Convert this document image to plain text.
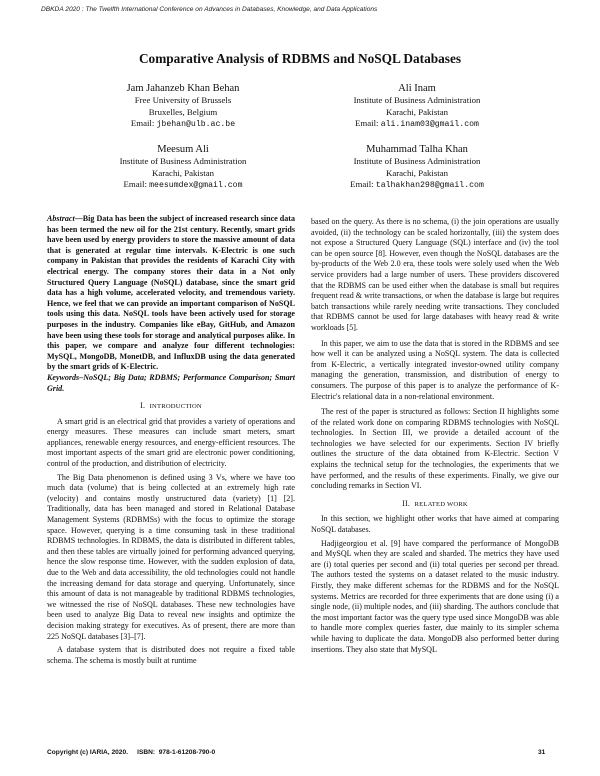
DBKDA 2020 : The Twelfth International Conference on Advances in Databases, Knowledge, and Data Applications
Comparative Analysis of RDBMS and NoSQL Databases
Jam Jahanzeb Khan Behan
Free University of Brussels
Bruxelles, Belgium
Email: jbehan@ulb.ac.be
Ali Inam
Institute of Business Administration
Karachi, Pakistan
Email: ali.inam03@gmail.com
Meesum Ali
Institute of Business Administration
Karachi, Pakistan
Email: meesumdex@gmail.com
Muhammad Talha Khan
Institute of Business Administration
Karachi, Pakistan
Email: talhakhan298@gmail.com

Abstract—Big Data has been the subject of increased research since data has been termed the new oil for the 21st century. Recently, smart grids have been used by energy providers to store the massive amount of data that is generated at regular time intervals. K-Electric is one such company in Pakistan that provides the residents of Karachi City with electrical energy. The company stores their data in a Not only Structured Query Language (NoSQL) database, since the smart grid data has a high volume, accelerated velocity, and tremendous variety. Hence, we feel that we can provide an important comparison of NoSQL tools using this data. NoSQL tools have been actively used for storage purposes in the industry. Companies like eBay, GitHub, and Amazon have been using these tools for storage and analytical purposes alike. In this paper, we compare and analyze four different technologies: MySQL, MongoDB, MonetDB, and InfluxDB using the data generated by the smart grids of K-Electric.

Keywords–NoSQL; Big Data; RDBMS; Performance Comparison; Smart Grid.

I. INTRODUCTION

A smart grid is an electrical grid that provides a variety of operations and energy measures. These measures can include smart meters, smart appliances, renewable energy resources, and energy-efficient resources. The most important aspects of the smart grid are electronic power conditioning, control of the production, and distribution of electricity.

The Big Data phenomenon is defined using 3 Vs, where we have too much data (volume) that is being collected at an extremely high rate (velocity) and contains mostly unstructured data (variety) [1] [2]. Traditionally, data has been managed and stored in Relational Database Management Systems (RDBMSs) with the focus to optimize the storage space. However, querying is a time consuming task in these traditional RDBMS technologies. In RDBMS, the data is distributed in different tables, and then these tables are virtually joined for performing advanced querying, hence the slow response time. However, with the sudden explosion of data, due to the Web and data accessibility, the old technologies could not handle the increasing demand for data storage and querying. Unfortunately, since this amount of data is not manageable by traditional RDBMS technologies, we witnessed the rise of NoSQL databases. These new technologies have been used to analyze Big Data to reveal new insights and optimize the decision making strategy for executives. As of present, there are more than 225 NoSQL databases [3]–[7].

A database system that is distributed does not require a fixed table schema. The schema is mostly built at runtime

based on the query. As there is no schema, (i) the join operations are usually avoided, (ii) the technology can be scaled horizontally, (iii) the system does not expose a Structured Query Language (SQL) interface and (iv) the tool can be open source [8]. However, even though the NoSQL databases are the by-products of the Web 2.0 era, these tools were solely used when the Web service providers had a large number of users. These providers discovered that the RDBMS can be used either when the database is small but requires frequent read & write transactions, or when the database is large but requires batch transactions while rarely needing write transactions. They concluded that RDBMS cannot be used for large databases with heavy read & write workloads [5].

In this paper, we aim to use the data that is stored in the RDBMS and see how well it can be analyzed using a NoSQL system. The data is collected from K-Electric, a vertically integrated investor-owned utility company managing the generation, transmission, and distribution of energy to consumers. The purpose of this paper is to analyze the performance of K-Electric's relational data in a non-relational environment.

The rest of the paper is structured as follows: Section II highlights some of the related work done on comparing RDBMS technologies with NoSQL technologies. In Section III, we provide a detailed account of the technologies we have selected for our experiments. Section IV briefly outlines the structure of the data obtained from K-Electric. Section V explains the technical setup for the technologies, the experiments that we have performed, and the results of these experiments. Finally, we give our concluding remarks in Section VI.

II. RELATED WORK

In this section, we highlight other works that have aimed at comparing NoSQL databases.

Hadjigeorgiou et al. [9] have compared the performance of MongoDB and MySQL when they are scaled and sharded. The metrics they have used are (i) total queries per second and (ii) total queries per second per thread. The authors tested the systems on a dataset related to the music industry. Firstly, they make different schemas for the RDBMS and for the NoSQL systems. Metrics are recorded for three experiments that are done using (i) a single node, (ii) multiple nodes, and (iii) sharding. The authors conclude that the most important factor was the query type used since MongoDB was able to handle more complex queries faster, due mainly to its simpler schema while having to duplicate the data. MongoDB also performed better during insertions. They also state that MySQL

Copyright (c) IARIA, 2020.     ISBN:  978-1-61208-790-0	31
